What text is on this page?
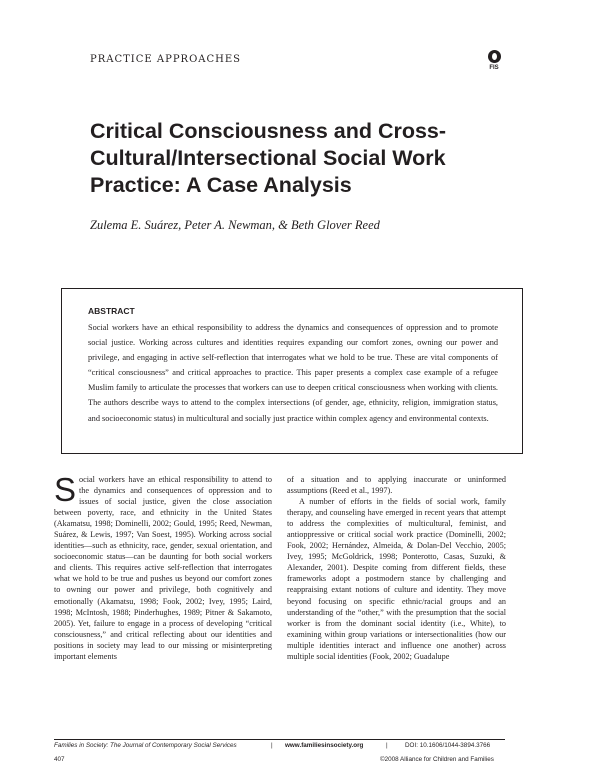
PRACTICE APPROACHES
FIS
Critical Consciousness and Cross-Cultural/Intersectional Social Work Practice: A Case Analysis
Zulema E. Suárez, Peter A. Newman, & Beth Glover Reed
ABSTRACT

Social workers have an ethical responsibility to address the dynamics and consequences of oppression and to promote social justice. Working across cultures and identities requires expanding our comfort zones, owning our power and privilege, and engaging in active self-reflection that interrogates what we hold to be true. These are vital components of “critical consciousness” and critical approaches to practice. This paper presents a complex case example of a refugee Muslim family to articulate the processes that workers can use to deepen critical consciousness when working with clients. The authors describe ways to attend to the complex intersections (of gender, age, ethnicity, religion, immigration status, and socioeconomic status) in multicultural and socially just practice within complex agency and environmental contexts.

Social workers have an ethical responsibility to attend to the dynamics and consequences of oppression and to issues of social justice, given the close association between poverty, race, and ethnicity in the United States (Akamatsu, 1998; Dominelli, 2002; Gould, 1995; Reed, Newman, Suárez, & Lewis, 1997; Van Soest, 1995). Working across social identities—such as ethnicity, race, gender, sexual orientation, and socioeconomic status—can be daunting for both social workers and clients. This requires active self-reflection that interrogates what we hold to be true and pushes us beyond our comfort zones to owning our power and privilege, both cognitively and emotionally (Akamatsu, 1998; Fook, 2002; Ivey, 1995; Laird, 1998; McIntosh, 1988; Pinderhughes, 1989; Pitner & Sakamoto, 2005). Yet, failure to engage in a process of developing “critical consciousness,” and critical reflecting about our identities and positions in society may lead to our missing or misinterpreting important elements
of a situation and to applying inaccurate or uninformed assumptions (Reed et al., 1997).
A number of efforts in the fields of social work, family therapy, and counseling have emerged in recent years that attempt to address the complexities of multicultural, feminist, and antioppressive or critical social work practice (Dominelli, 2002; Fook, 2002; Hernández, Almeida, & Dolan-Del Vecchio, 2005; Ivey, 1995; McGoldrick, 1998; Ponterotto, Casas, Suzuki, & Alexander, 2001). Despite coming from different fields, these frameworks adopt a postmodern stance by challenging and reappraising extant notions of culture and identity. They move beyond focusing on specific ethnic/racial groups and an understanding of the “other,” with the presumption that the social worker is from the dominant social identity (i.e., White), to examining within group variations or intersectionalities (how our multiple identities interact and influence one another) across multiple social identities (Fook, 2002; Guadalupe
Families in Society: The Journal of Contemporary Social Services	| www.familiesinsociety.org	|	DOI: 10.1606/1044-3894.3766
407	©2008 Alliance for Children and Families
